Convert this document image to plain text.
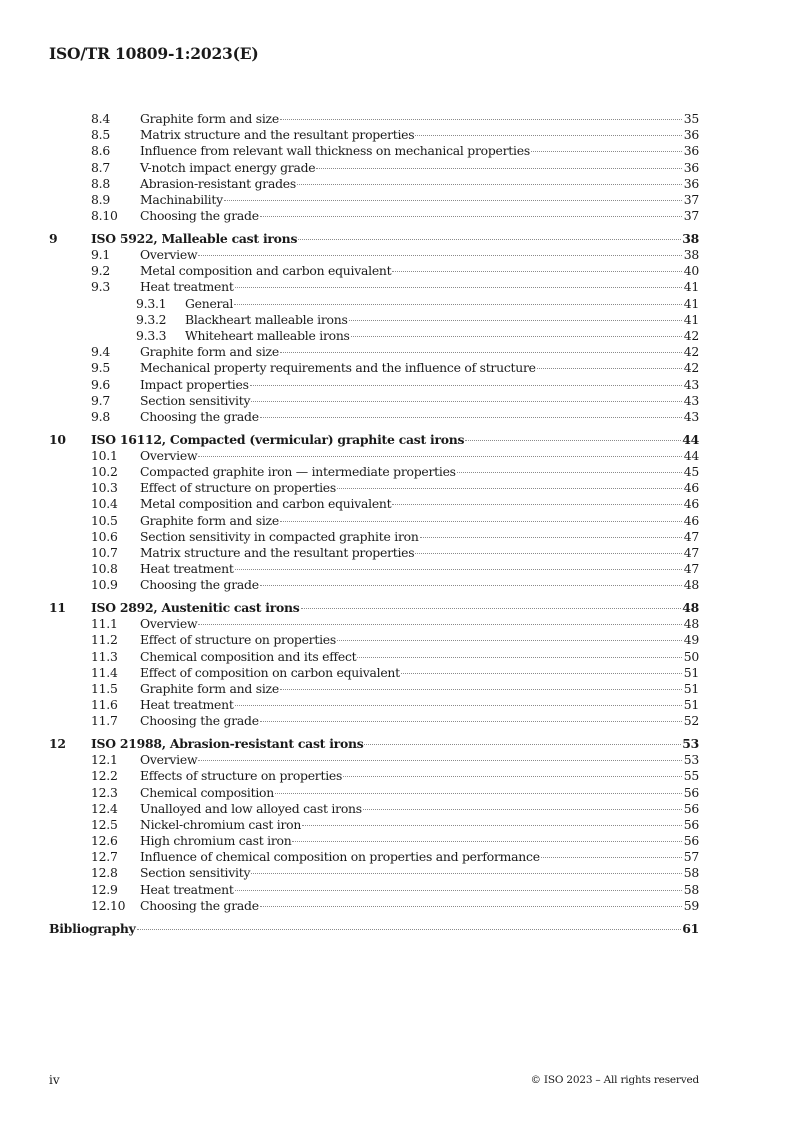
ISO/TR 10809-1:2023(E)
8.4	Graphite form and size	35
8.5	Matrix structure and the resultant properties	36
8.6	Influence from relevant wall thickness on mechanical properties	36
8.7	V-notch impact energy grade	36
8.8	Abrasion-resistant grades	36
8.9	Machinability	37
8.10	Choosing the grade	37
9	ISO 5922, Malleable cast irons	38
9.1	Overview	38
9.2	Metal composition and carbon equivalent	40
9.3	Heat treatment	41
9.3.1	General	41
9.3.2	Blackheart malleable irons	41
9.3.3	Whiteheart malleable irons	42
9.4	Graphite form and size	42
9.5	Mechanical property requirements and the influence of structure	42
9.6	Impact properties	43
9.7	Section sensitivity	43
9.8	Choosing the grade	43
10	ISO 16112, Compacted (vermicular) graphite cast irons	44
10.1	Overview	44
10.2	Compacted graphite iron — intermediate properties	45
10.3	Effect of structure on properties	46
10.4	Metal composition and carbon equivalent	46
10.5	Graphite form and size	46
10.6	Section sensitivity in compacted graphite iron	47
10.7	Matrix structure and the resultant properties	47
10.8	Heat treatment	47
10.9	Choosing the grade	48
11	ISO 2892, Austenitic cast irons	48
11.1	Overview	48
11.2	Effect of structure on properties	49
11.3	Chemical composition and its effect	50
11.4	Effect of composition on carbon equivalent	51
11.5	Graphite form and size	51
11.6	Heat treatment	51
11.7	Choosing the grade	52
12	ISO 21988, Abrasion-resistant cast irons	53
12.1	Overview	53
12.2	Effects of structure on properties	55
12.3	Chemical composition	56
12.4	Unalloyed and low alloyed cast irons	56
12.5	Nickel-chromium cast iron	56
12.6	High chromium cast iron	56
12.7	Influence of chemical composition on properties and performance	57
12.8	Section sensitivity	58
12.9	Heat treatment	58
12.10	Choosing the grade	59
Bibliography	61
iv	© ISO 2023 – All rights reserved
